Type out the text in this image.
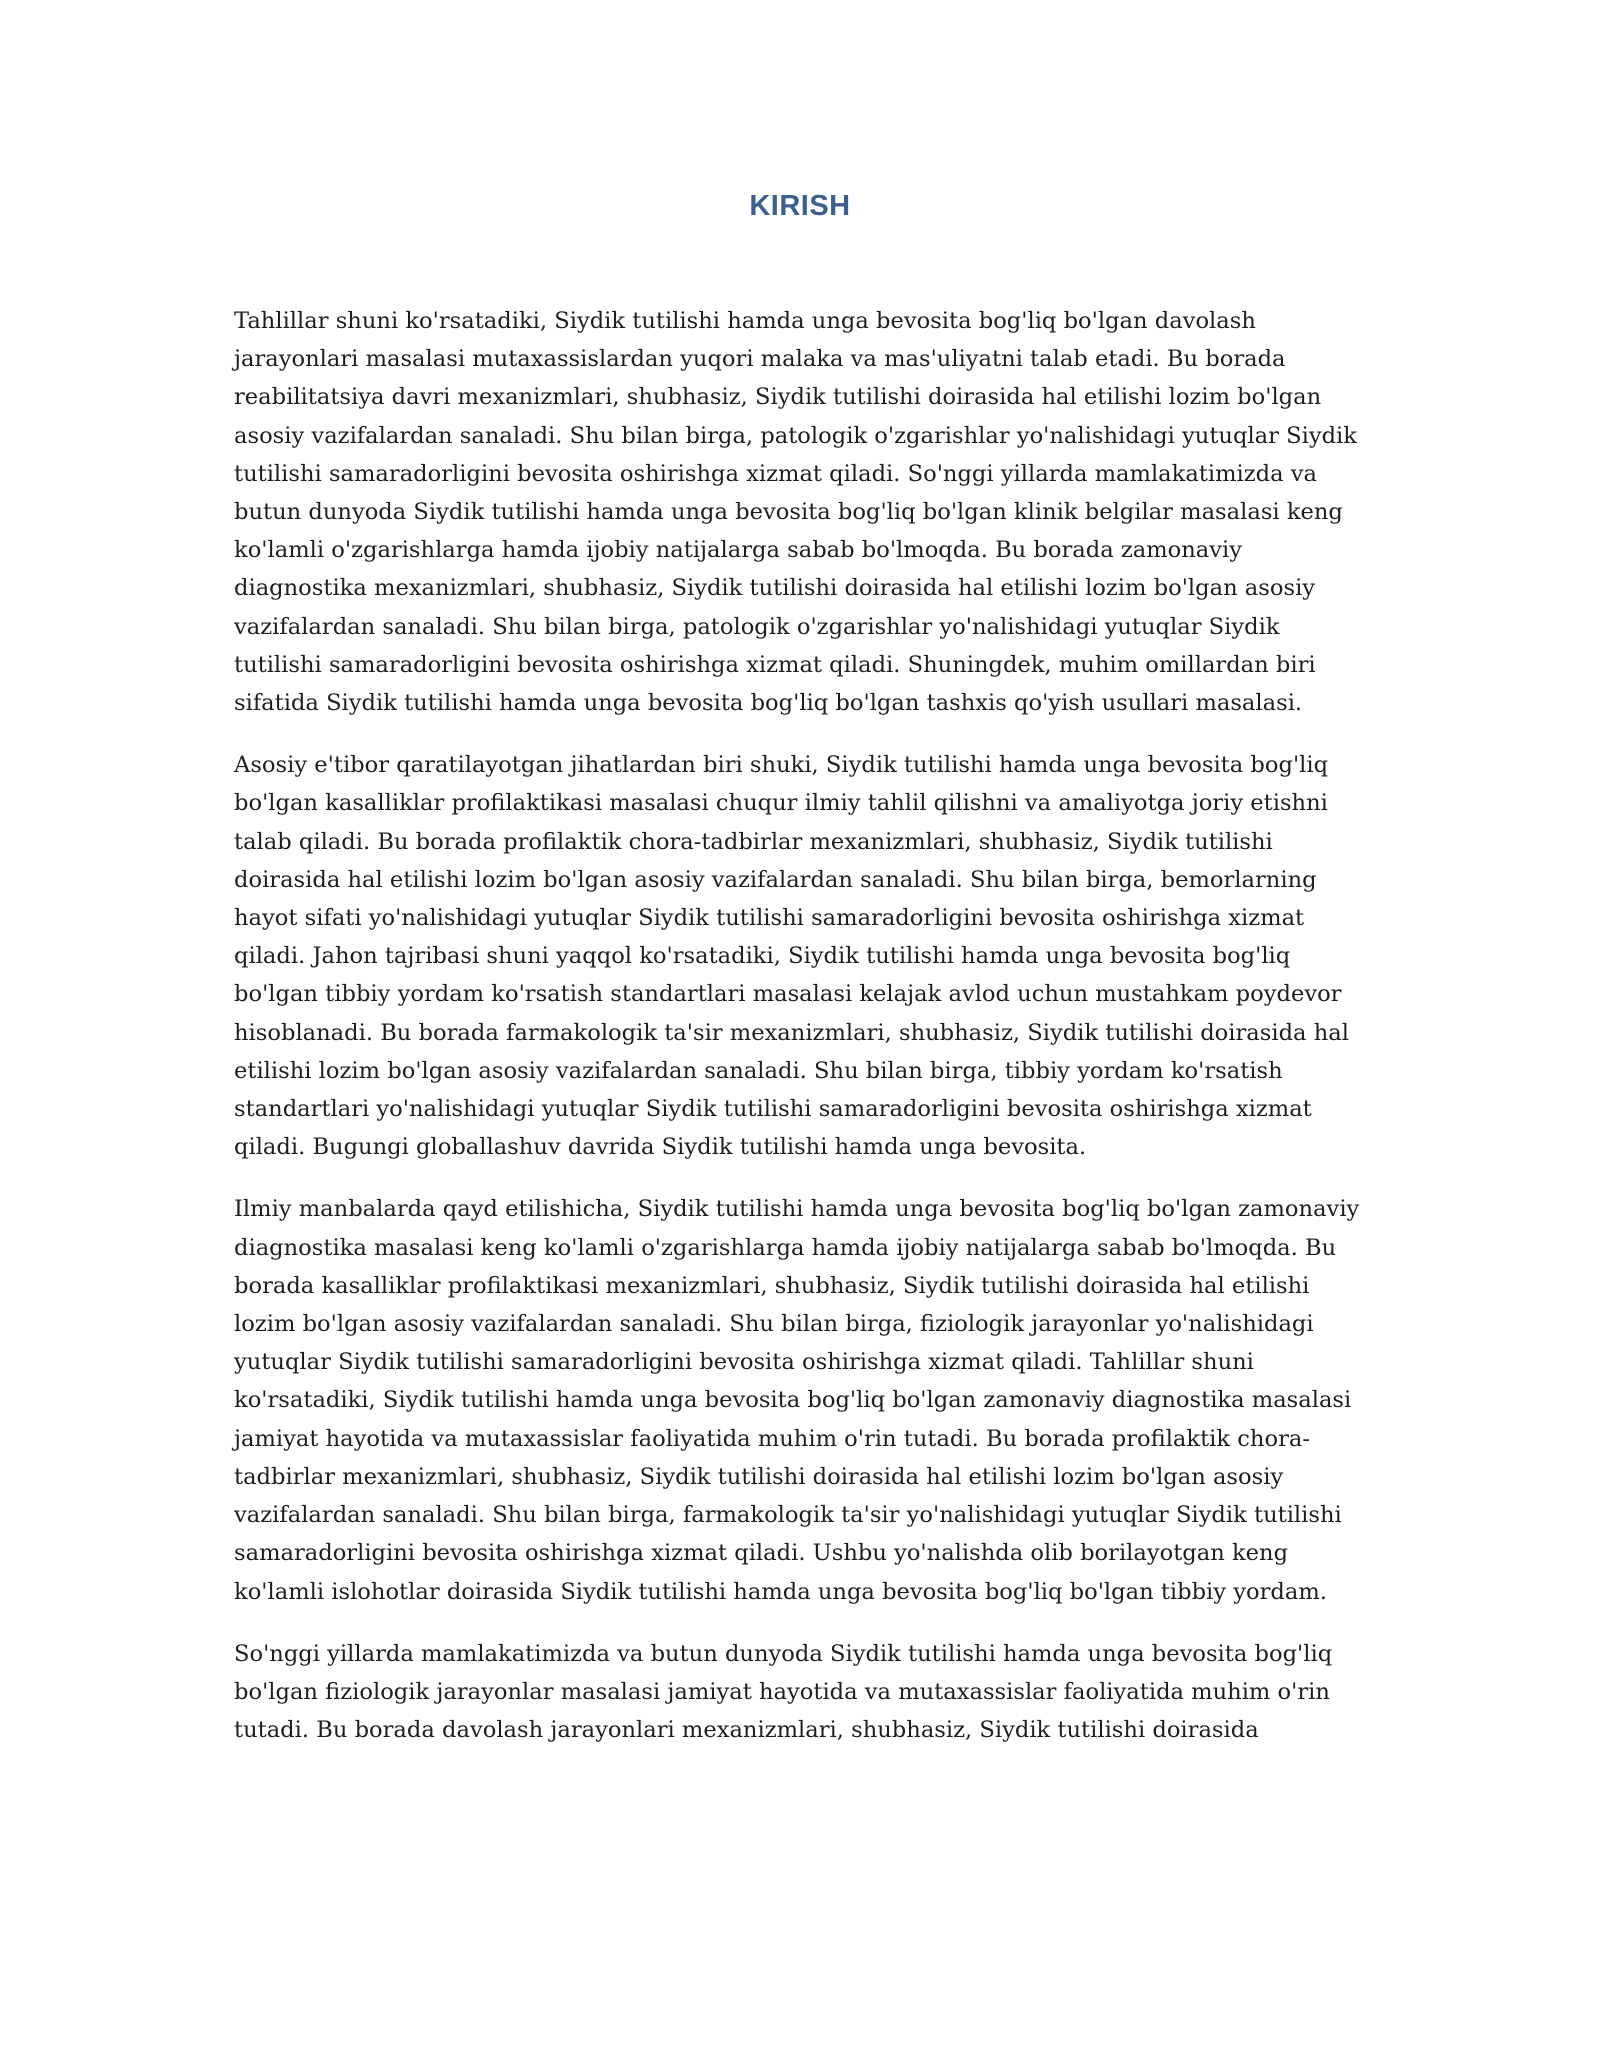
KIRISH

Tahlillar shuni ko'rsatadiki, Siydik tutilishi hamda unga bevosita bog'liq bo'lgan davolash jarayonlari masalasi mutaxassislardan yuqori malaka va mas'uliyatni talab etadi. Bu borada reabilitatsiya davri mexanizmlari, shubhasiz, Siydik tutilishi doirasida hal etilishi lozim bo'lgan asosiy vazifalardan sanaladi. Shu bilan birga, patologik o'zgarishlar yo'nalishidagi yutuqlar Siydik tutilishi samaradorligini bevosita oshirishga xizmat qiladi. So'nggi yillarda mamlakatimizda va butun dunyoda Siydik tutilishi hamda unga bevosita bog'liq bo'lgan klinik belgilar masalasi keng ko'lamli o'zgarishlarga hamda ijobiy natijalarga sabab bo'lmoqda. Bu borada zamonaviy diagnostika mexanizmlari, shubhasiz, Siydik tutilishi doirasida hal etilishi lozim bo'lgan asosiy vazifalardan sanaladi. Shu bilan birga, patologik o'zgarishlar yo'nalishidagi yutuqlar Siydik tutilishi samaradorligini bevosita oshirishga xizmat qiladi. Shuningdek, muhim omillardan biri sifatida Siydik tutilishi hamda unga bevosita bog'liq bo'lgan tashxis qo'yish usullari masalasi.

Asosiy e'tibor qaratilayotgan jihatlardan biri shuki, Siydik tutilishi hamda unga bevosita bog'liq bo'lgan kasalliklar profilaktikasi masalasi chuqur ilmiy tahlil qilishni va amaliyotga joriy etishni talab qiladi. Bu borada profilaktik chora-tadbirlar mexanizmlari, shubhasiz, Siydik tutilishi doirasida hal etilishi lozim bo'lgan asosiy vazifalardan sanaladi. Shu bilan birga, bemorlarning hayot sifati yo'nalishidagi yutuqlar Siydik tutilishi samaradorligini bevosita oshirishga xizmat qiladi. Jahon tajribasi shuni yaqqol ko'rsatadiki, Siydik tutilishi hamda unga bevosita bog'liq bo'lgan tibbiy yordam ko'rsatish standartlari masalasi kelajak avlod uchun mustahkam poydevor hisoblanadi. Bu borada farmakologik ta'sir mexanizmlari, shubhasiz, Siydik tutilishi doirasida hal etilishi lozim bo'lgan asosiy vazifalardan sanaladi. Shu bilan birga, tibbiy yordam ko'rsatish standartlari yo'nalishidagi yutuqlar Siydik tutilishi samaradorligini bevosita oshirishga xizmat qiladi. Bugungi globallashuv davrida Siydik tutilishi hamda unga bevosita.

Ilmiy manbalarda qayd etilishicha, Siydik tutilishi hamda unga bevosita bog'liq bo'lgan zamonaviy diagnostika masalasi keng ko'lamli o'zgarishlarga hamda ijobiy natijalarga sabab bo'lmoqda. Bu borada kasalliklar profilaktikasi mexanizmlari, shubhasiz, Siydik tutilishi doirasida hal etilishi lozim bo'lgan asosiy vazifalardan sanaladi. Shu bilan birga, fiziologik jarayonlar yo'nalishidagi yutuqlar Siydik tutilishi samaradorligini bevosita oshirishga xizmat qiladi. Tahlillar shuni ko'rsatadiki, Siydik tutilishi hamda unga bevosita bog'liq bo'lgan zamonaviy diagnostika masalasi jamiyat hayotida va mutaxassislar faoliyatida muhim o'rin tutadi. Bu borada profilaktik chora-tadbirlar mexanizmlari, shubhasiz, Siydik tutilishi doirasida hal etilishi lozim bo'lgan asosiy vazifalardan sanaladi. Shu bilan birga, farmakologik ta'sir yo'nalishidagi yutuqlar Siydik tutilishi samaradorligini bevosita oshirishga xizmat qiladi. Ushbu yo'nalishda olib borilayotgan keng ko'lamli islohotlar doirasida Siydik tutilishi hamda unga bevosita bog'liq bo'lgan tibbiy yordam.

So'nggi yillarda mamlakatimizda va butun dunyoda Siydik tutilishi hamda unga bevosita bog'liq bo'lgan fiziologik jarayonlar masalasi jamiyat hayotida va mutaxassislar faoliyatida muhim o'rin tutadi. Bu borada davolash jarayonlari mexanizmlari, shubhasiz, Siydik tutilishi doirasida
